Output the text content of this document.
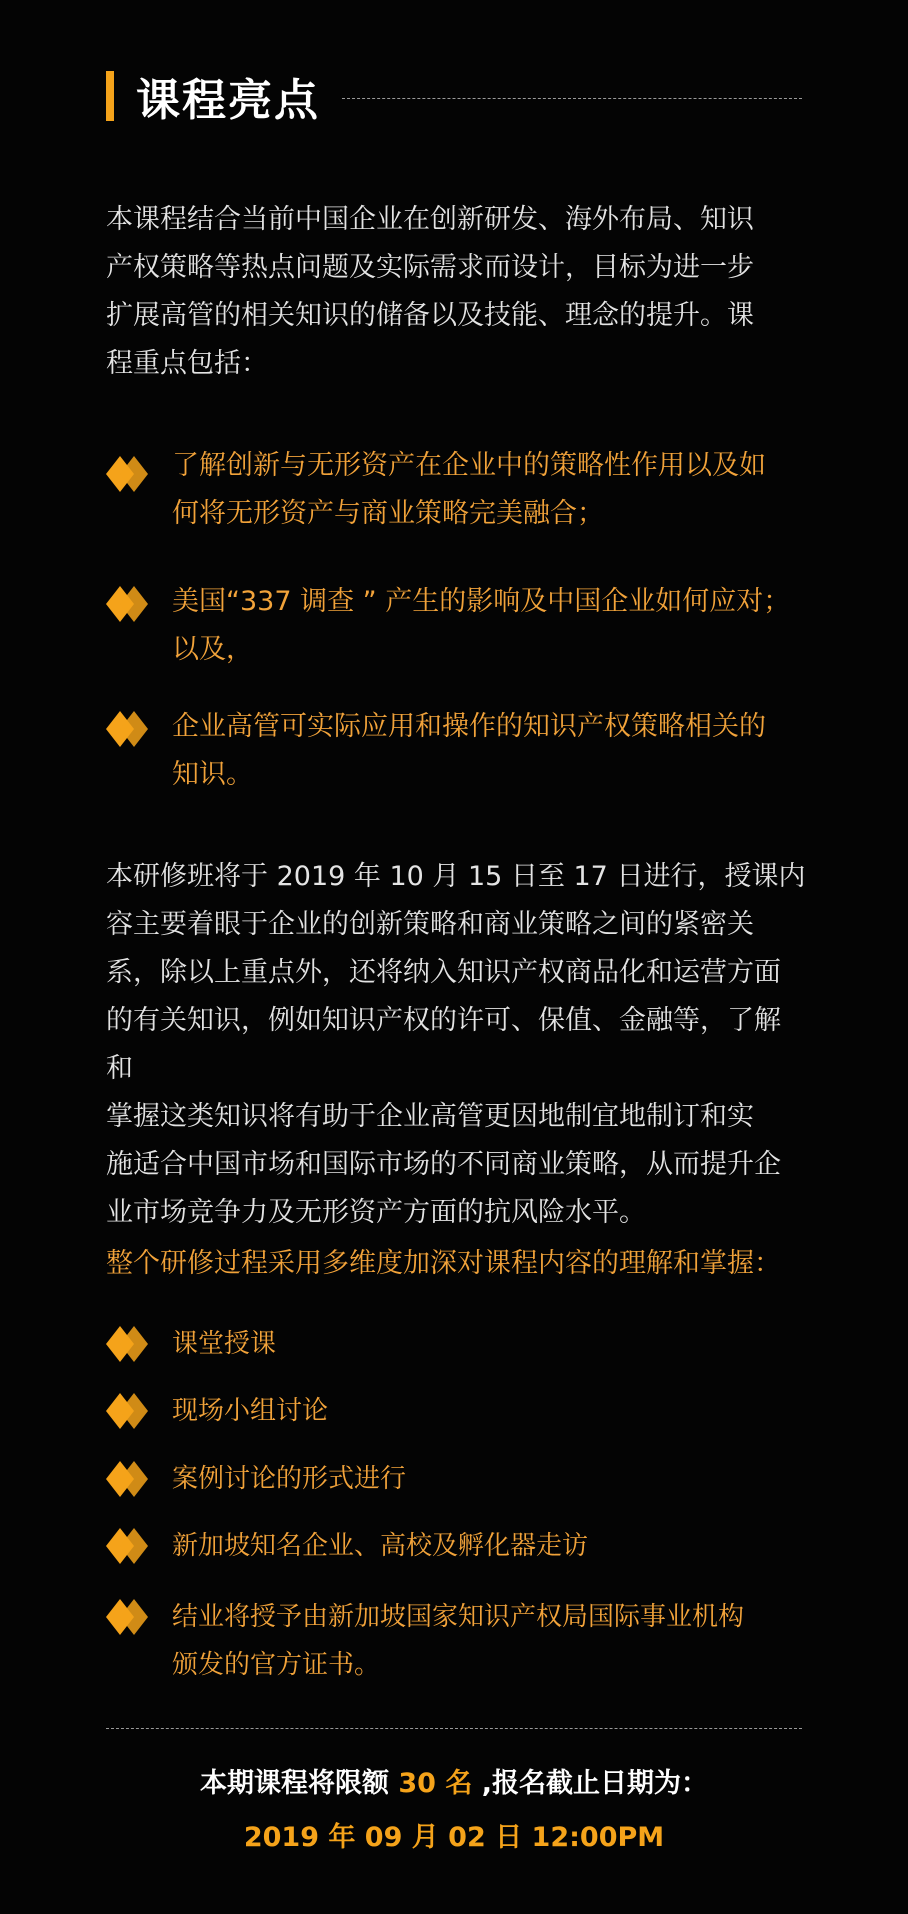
课程亮点

本课程结合当前中国企业在创新研发、海外布局、知识
产权策略等热点问题及实际需求而设计，目标为进一步
扩展高管的相关知识的储备以及技能、理念的提升。课
程重点包括：

了解创新与无形资产在企业中的策略性作用以及如
何将无形资产与商业策略完美融合；
美国“337 调查 ” 产生的影响及中国企业如何应对；
以及，
企业高管可实际应用和操作的知识产权策略相关的
知识。

本研修班将于 2019 年 10 月 15 日至 17 日进行，授课内
容主要着眼于企业的创新策略和商业策略之间的紧密关
系，除以上重点外，还将纳入知识产权商品化和运营方面
的有关知识，例如知识产权的许可、保值、金融等，了解和
掌握这类知识将有助于企业高管更因地制宜地制订和实
施适合中国市场和国际市场的不同商业策略，从而提升企
业市场竞争力及无形资产方面的抗风险水平。

整个研修过程采用多维度加深对课程内容的理解和掌握：

课堂授课
现场小组讨论
案例讨论的形式进行
新加坡知名企业、高校及孵化器走访
结业将授予由新加坡国家知识产权局国际事业机构
颁发的官方证书。
本期课程将限额 30 名 ,报名截止日期为：
2019 年 09 月 02 日 12:00PM
